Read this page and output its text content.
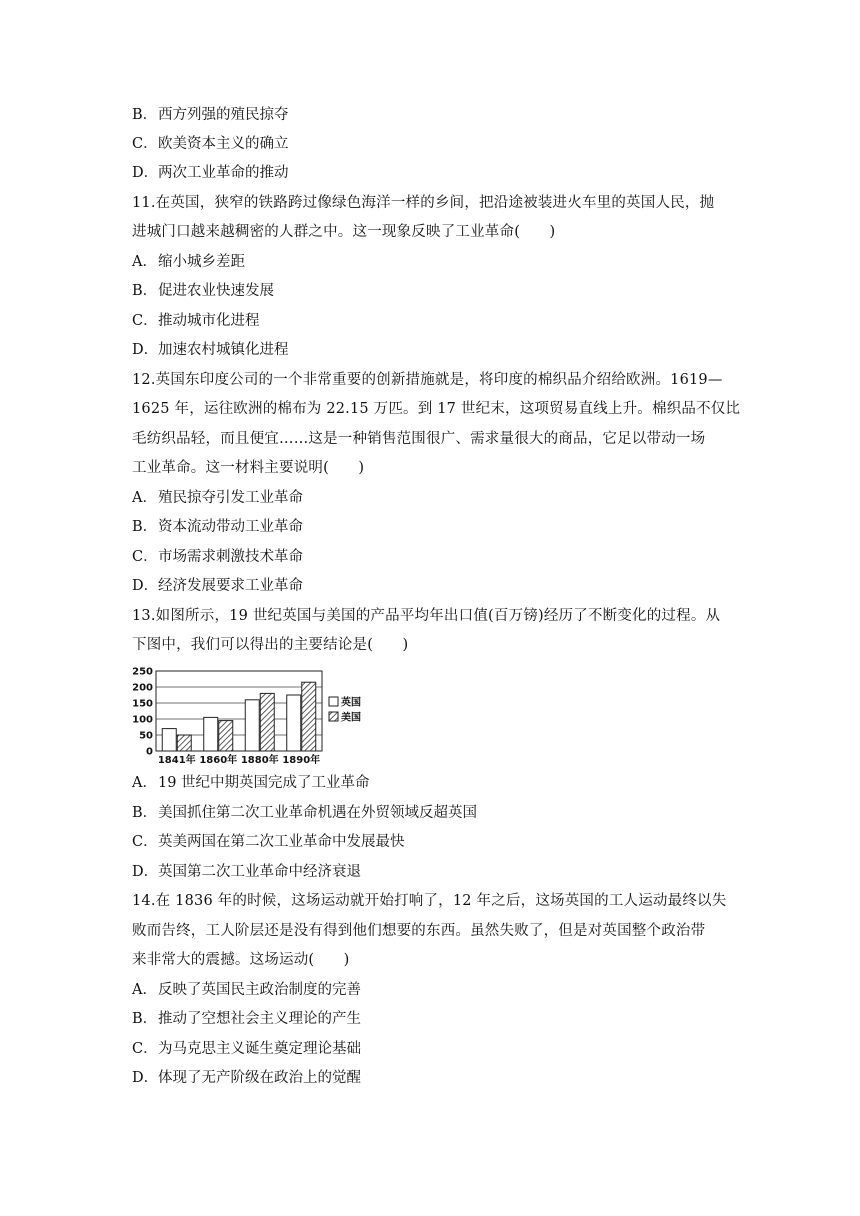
B．西方列强的殖民掠夺
C．欧美资本主义的确立
D．两次工业革命的推动
11.在英国，狭窄的铁路跨过像绿色海洋一样的乡间，把沿途被装进火车里的英国人民，抛
进城门口越来越稠密的人群之中。这一现象反映了工业革命(　　)
A．缩小城乡差距
B．促进农业快速发展
C．推动城市化进程
D．加速农村城镇化进程
12.英国东印度公司的一个非常重要的创新措施就是，将印度的棉织品介绍给欧洲。1619—
1625 年，运往欧洲的棉布为 22.15 万匹。到 17 世纪末，这项贸易直线上升。棉织品不仅比
毛纺织品轻，而且便宜……这是一种销售范围很广、需求量很大的商品，它足以带动一场
工业革命。这一材料主要说明(　　)
A．殖民掠夺引发工业革命
B．资本流动带动工业革命
C．市场需求刺激技术革命
D．经济发展要求工业革命
13.如图所示，19 世纪英国与美国的产品平均年出口值(百万镑)经历了不断变化的过程。从
下图中，我们可以得出的主要结论是(　　)
0
50
100
150
200
250
1841年 1860年 1880年 1890年
英国
美国
A．19 世纪中期英国完成了工业革命
B．美国抓住第二次工业革命机遇在外贸领域反超英国
C．英美两国在第二次工业革命中发展最快
D．英国第二次工业革命中经济衰退
14.在 1836 年的时候，这场运动就开始打响了，12 年之后，这场英国的工人运动最终以失
败而告终，工人阶层还是没有得到他们想要的东西。虽然失败了，但是对英国整个政治带
来非常大的震撼。这场运动(　　)
A．反映了英国民主政治制度的完善
B．推动了空想社会主义理论的产生
C．为马克思主义诞生奠定理论基础
D．体现了无产阶级在政治上的觉醒
